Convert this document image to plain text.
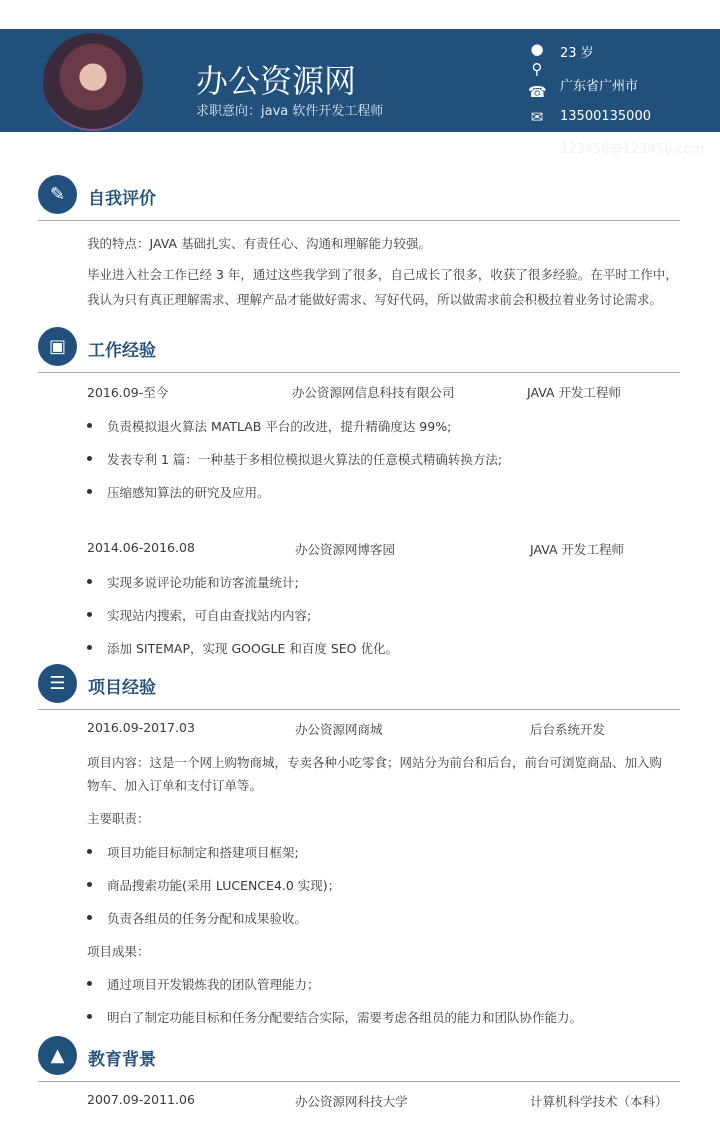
办公资源网
求职意向：java 软件开发工程师
● 23 岁
⚲
广东省广州市
☎
✉ 13500135000
123456@123456.com
✎	自我评价
我的特点：JAVA 基础扎实、有责任心、沟通和理解能力较强。
毕业进入社会工作已经 3 年，通过这些我学到了很多，自己成长了很多，收获了很多经验。在平时工作中，
我认为只有真正理解需求、理解产品才能做好需求、写好代码，所以做需求前会积极拉着业务讨论需求。
▣	工作经验
2016.09-至今	办公资源网信息科技有限公司	JAVA 开发工程师
负责模拟退火算法 MATLAB 平台的改进，提升精确度达 99%;
发表专利 1 篇：一种基于多相位模拟退火算法的任意模式精确转换方法;
压缩感知算法的研究及应用。
2014.06-2016.08	办公资源网博客园	JAVA 开发工程师
实现多说评论功能和访客流量统计;
实现站内搜索，可自由查找站内内容;
添加 SITEMAP，实现 GOOGLE 和百度 SEO 优化。
☰	项目经验
2016.09-2017.03	办公资源网商城	后台系统开发
项目内容：这是一个网上购物商城，专卖各种小吃零食；网站分为前台和后台，前台可浏览商品、加入购
物车、加入订单和支付订单等。
主要职责：
项目功能目标制定和搭建项目框架;
商品搜索功能(采用 LUCENCE4.0 实现)；
负责各组员的任务分配和成果验收。
项目成果：
通过项目开发锻炼我的团队管理能力；
明白了制定功能目标和任务分配要结合实际，需要考虑各组员的能力和团队协作能力。
▲	教育背景
2007.09-2011.06	办公资源网科技大学	计算机科学技术（本科）
